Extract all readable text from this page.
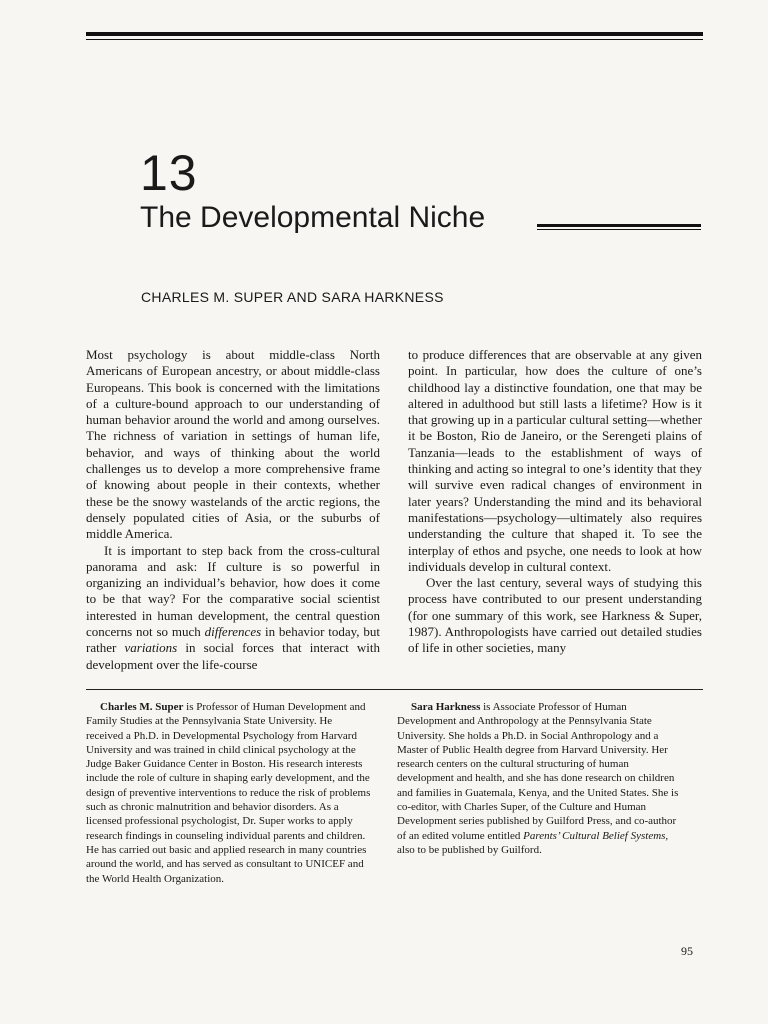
13
The Developmental Niche
CHARLES M. SUPER AND SARA HARKNESS

Most psychology is about middle-class North Americans of European ancestry, or about middle-class Europeans. This book is concerned with the limitations of a culture-bound approach to our understanding of human behavior around the world and among ourselves. The richness of variation in settings of human life, behavior, and ways of thinking about the world challenges us to develop a more comprehensive frame of knowing about people in their contexts, whether these be the snowy wastelands of the arctic regions, the densely populated cities of Asia, or the suburbs of middle America.

It is important to step back from the cross-cultural panorama and ask: If culture is so powerful in organizing an individual’s behavior, how does it come to be that way? For the comparative social scientist interested in human development, the central question concerns not so much differences in behavior today, but rather variations in social forces that interact with development over the life-course

to produce differences that are observable at any given point. In particular, how does the culture of one’s childhood lay a distinctive foundation, one that may be altered in adulthood but still lasts a lifetime? How is it that growing up in a particular cultural setting—whether it be Boston, Rio de Janeiro, or the Serengeti plains of Tanzania—leads to the establishment of ways of thinking and acting so integral to one’s identity that they will survive even radical changes of environment in later years? Understanding the mind and its behavioral manifestations—psychology—ultimately also requires understanding the culture that shaped it. To see the interplay of ethos and psyche, one needs to look at how individuals develop in cultural context.

Over the last century, several ways of studying this process have contributed to our present understanding (for one summary of this work, see Harkness & Super, 1987). Anthropologists have carried out detailed studies of life in other societies, many

Charles M. Super is Professor of Human Development and Family Studies at the Pennsylvania State University. He received a Ph.D. in Developmental Psychology from Harvard University and was trained in child clinical psychology at the Judge Baker Guidance Center in Boston. His research interests include the role of culture in shaping early development, and the design of preventive interventions to reduce the risk of problems such as chronic malnutrition and behavior disorders. As a licensed professional psychologist, Dr. Super works to apply research findings in counseling individual parents and children. He has carried out basic and applied research in many countries around the world, and has served as consultant to UNICEF and the World Health Organization.

Sara Harkness is Associate Professor of Human Development and Anthropology at the Pennsylvania State University. She holds a Ph.D. in Social Anthropology and a Master of Public Health degree from Harvard University. Her research centers on the cultural structuring of human development and health, and she has done research on children and families in Guatemala, Kenya, and the United States. She is co-editor, with Charles Super, of the Culture and Human Development series published by Guilford Press, and co-author of an edited volume entitled Parents’ Cultural Belief Systems, also to be published by Guilford.

95
